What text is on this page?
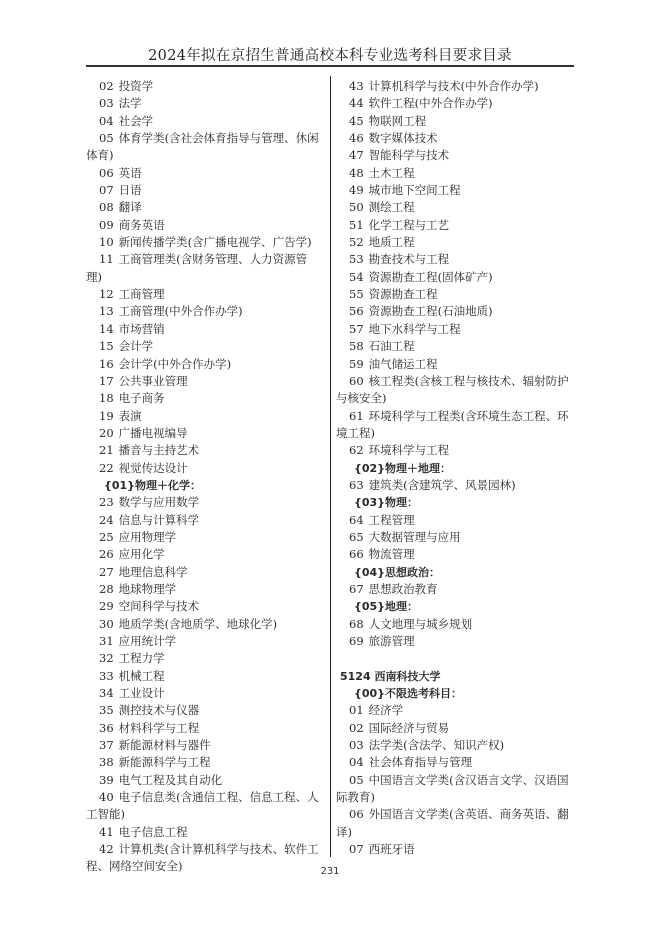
2024年拟在京招生普通高校本科专业选考科目要求目录
02 投资学
03 法学
04 社会学
05 体育学类(含社会体育指导与管理、休闲体育)
06 英语
07 日语
08 翻译
09 商务英语
10 新闻传播学类(含广播电视学、广告学)
11 工商管理类(含财务管理、人力资源管理)
12 工商管理
13 工商管理(中外合作办学)
14 市场营销
15 会计学
16 会计学(中外合作办学)
17 公共事业管理
18 电子商务
19 表演
20 广播电视编导
21 播音与主持艺术
22 视觉传达设计
{01}物理＋化学：
23 数学与应用数学
24 信息与计算科学
25 应用物理学
26 应用化学
27 地理信息科学
28 地球物理学
29 空间科学与技术
30 地质学类(含地质学、地球化学)
31 应用统计学
32 工程力学
33 机械工程
34 工业设计
35 测控技术与仪器
36 材料科学与工程
37 新能源材料与器件
38 新能源科学与工程
39 电气工程及其自动化
40 电子信息类(含通信工程、信息工程、人工智能)
41 电子信息工程
42 计算机类(含计算机科学与技术、软件工程、网络空间安全)
43 计算机科学与技术(中外合作办学)
44 软件工程(中外合作办学)
45 物联网工程
46 数字媒体技术
47 智能科学与技术
48 土木工程
49 城市地下空间工程
50 测绘工程
51 化学工程与工艺
52 地质工程
53 勘查技术与工程
54 资源勘查工程(固体矿产)
55 资源勘查工程
56 资源勘查工程(石油地质)
57 地下水科学与工程
58 石油工程
59 油气储运工程
60 核工程类(含核工程与核技术、辐射防护与核安全)
61 环境科学与工程类(含环境生态工程、环境工程)
62 环境科学与工程
{02}物理＋地理：
63 建筑类(含建筑学、风景园林)
{03}物理：
64 工程管理
65 大数据管理与应用
66 物流管理
{04}思想政治：
67 思想政治教育
{05}地理：
68 人文地理与城乡规划
69 旅游管理
5124 西南科技大学
{00}不限选考科目：
01 经济学
02 国际经济与贸易
03 法学类(含法学、知识产权)
04 社会体育指导与管理
05 中国语言文学类(含汉语言文学、汉语国际教育)
06 外国语言文学类(含英语、商务英语、翻译)
07 西班牙语
231
